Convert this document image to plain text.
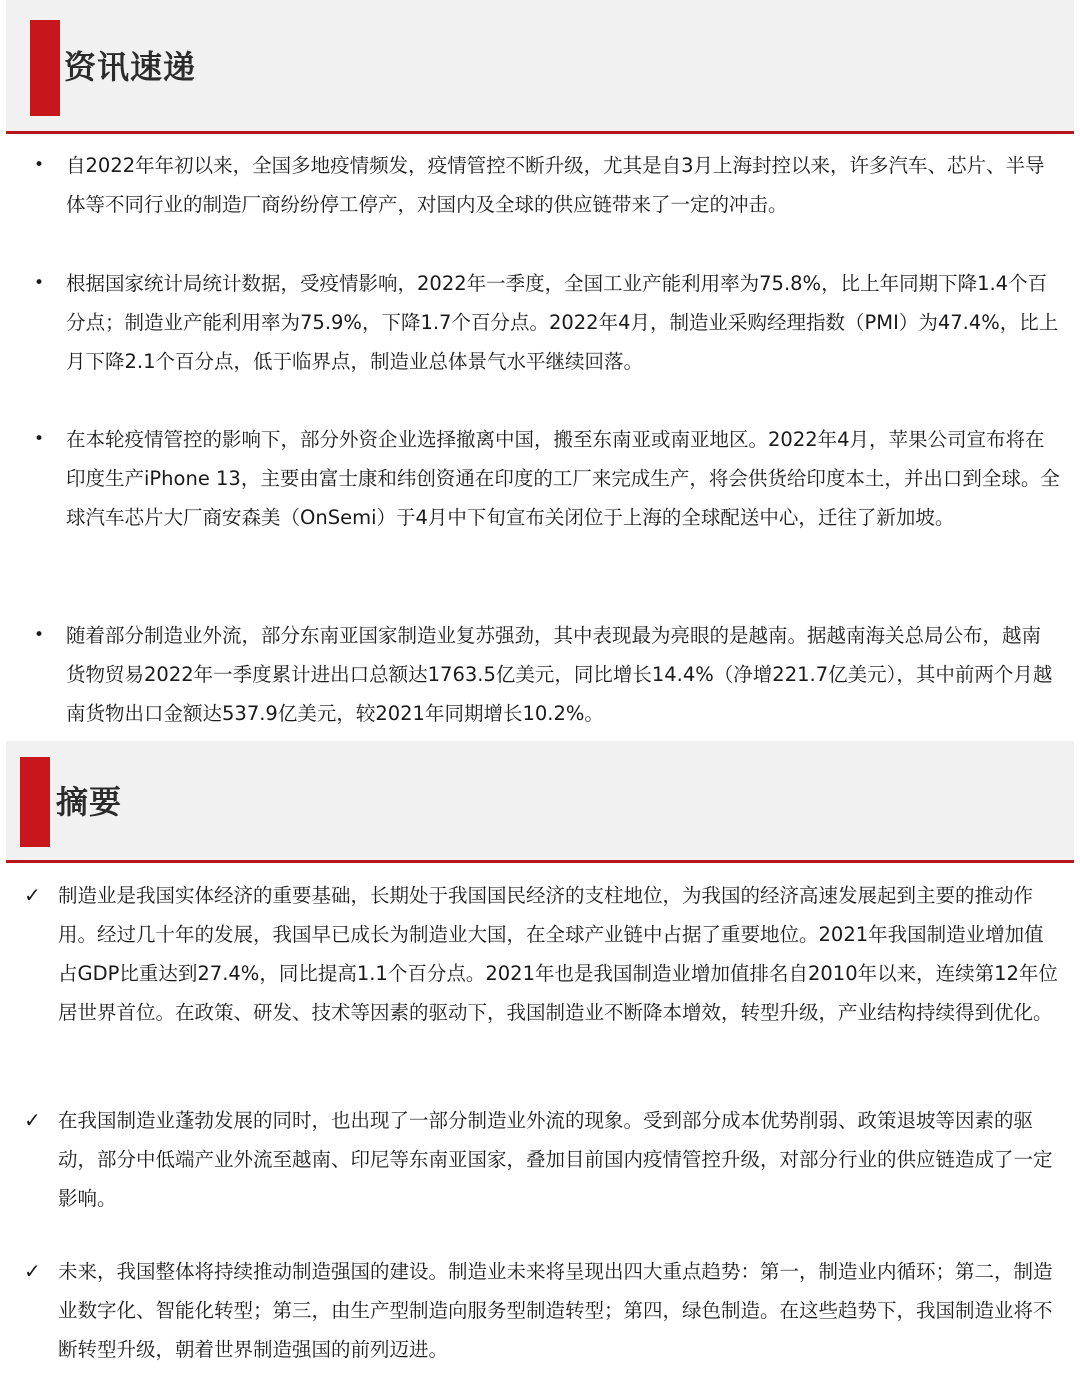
资讯速递
• 自2022年年初以来，全国多地疫情频发，疫情管控不断升级，尤其是自3月上海封控以来，许多汽车、芯片、半导体等不同行业的制造厂商纷纷停工停产，对国内及全球的供应链带来了一定的冲击。
• 根据国家统计局统计数据，受疫情影响，2022年一季度，全国工业产能利用率为75.8%，比上年同期下降1.4个百分点；制造业产能利用率为75.9%，下降1.7个百分点。2022年4月，制造业采购经理指数（PMI）为47.4%，比上月下降2.1个百分点，低于临界点，制造业总体景气水平继续回落。
• 在本轮疫情管控的影响下，部分外资企业选择撤离中国，搬至东南亚或南亚地区。2022年4月，苹果公司宣布将在印度生产iPhone 13，主要由富士康和纬创资通在印度的工厂来完成生产，将会供货给印度本土，并出口到全球。全球汽车芯片大厂商安森美（OnSemi）于4月中下旬宣布关闭位于上海的全球配送中心，迁往了新加坡。
• 随着部分制造业外流，部分东南亚国家制造业复苏强劲，其中表现最为亮眼的是越南。据越南海关总局公布，越南货物贸易2022年一季度累计进出口总额达1763.5亿美元，同比增长14.4%（净增221.7亿美元），其中前两个月越南货物出口金额达537.9亿美元，较2021年同期增长10.2%。
摘要
✓ 制造业是我国实体经济的重要基础，长期处于我国国民经济的支柱地位，为我国的经济高速发展起到主要的推动作用。经过几十年的发展，我国早已成长为制造业大国，在全球产业链中占据了重要地位。2021年我国制造业增加值占GDP比重达到27.4%，同比提高1.1个百分点。2021年也是我国制造业增加值排名自2010年以来，连续第12年位居世界首位。在政策、研发、技术等因素的驱动下，我国制造业不断降本增效，转型升级，产业结构持续得到优化。
✓ 在我国制造业蓬勃发展的同时，也出现了一部分制造业外流的现象。受到部分成本优势削弱、政策退坡等因素的驱动，部分中低端产业外流至越南、印尼等东南亚国家，叠加目前国内疫情管控升级，对部分行业的供应链造成了一定影响。
✓ 未来，我国整体将持续推动制造强国的建设。制造业未来将呈现出四大重点趋势：第一，制造业内循环；第二，制造业数字化、智能化转型；第三，由生产型制造向服务型制造转型；第四，绿色制造。在这些趋势下，我国制造业将不断转型升级，朝着世界制造强国的前列迈进。
